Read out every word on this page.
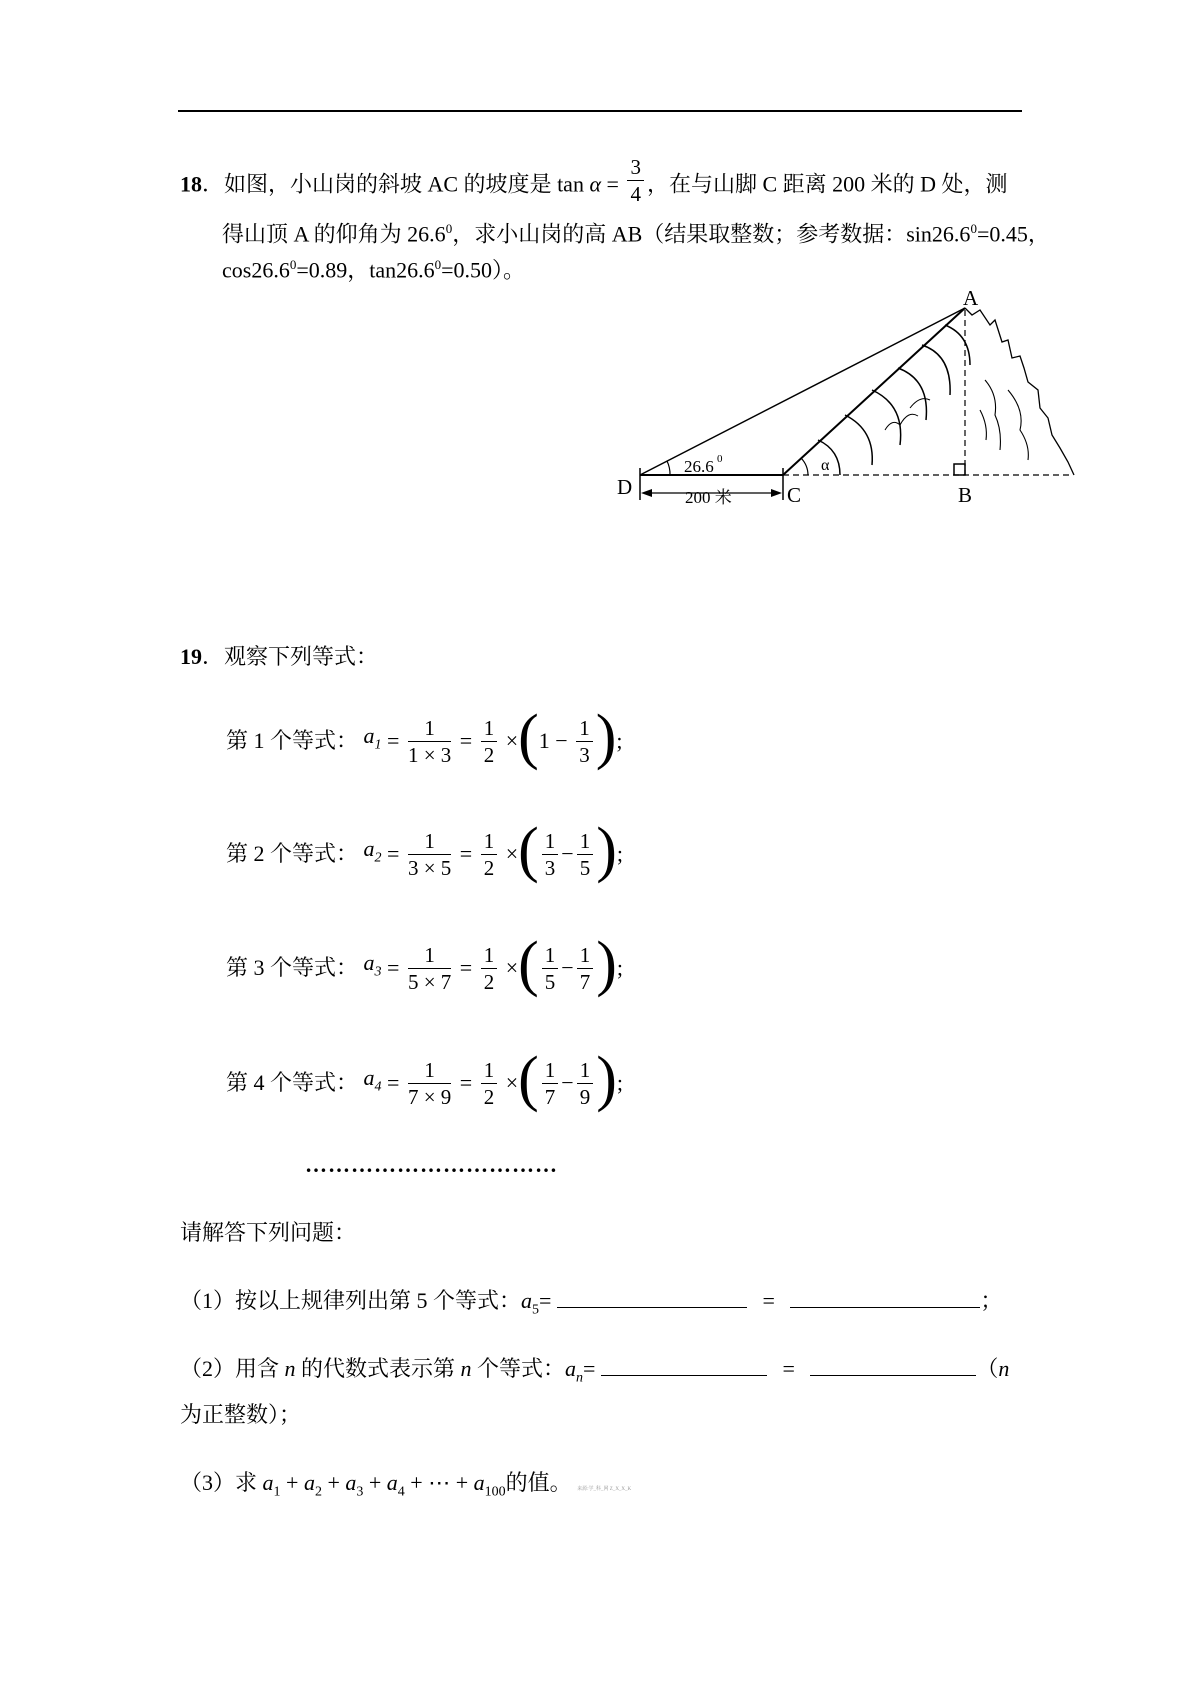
18．如图，小山岗的斜坡 AC 的坡度是 $\tan \alpha = \frac{3}{4}$ ，在与山脚 C 距离 200 米的 D 处，测
得山顶 A 的仰角为 26.6$^0$，求小山岗的高 AB（结果取整数；参考数据：$\sin 26.6^0=0.45$，
$\cos 26.6^0=0.89$，$\tan 26.6^0=0.50$）。
A
B
C
D
26.6 0	α
200 米
19．观察下列等式：
第 1 个等式： $a_1 = \frac{1}{1 \times 3} = \frac{1}{2} \times(1 - \frac{1}{3}$ );
第 2 个等式： $a_2 = \frac{1}{3 \times 5} = \frac{1}{2}$ ×( $\frac{1}{3} - \frac{1}{5}$ );
第 3 个等式： $a_3 = \frac{1}{5 \times 7} = \frac{1}{2}$ ×( $\frac{1}{5} - \frac{1}{7}$ );
第 4 个等式： $a_4 = \frac{1}{7 \times 9} = \frac{1}{2}$ ×( $\frac{1}{7} - \frac{1}{9}$ );
……………………………
请解答下列问题：
（1）按以上规律列出第 5 个等式：$a_5=$	=	；
（2）用含 n 的代数式表示第 n 个等式：$a_n=$	=	（n
为正整数）；
（3）求 $a_1 + a_2 + a_3 + a_4$ + ⋯ + $a_{100}$的值。 来源:学_科_网 Z_X_X_K
